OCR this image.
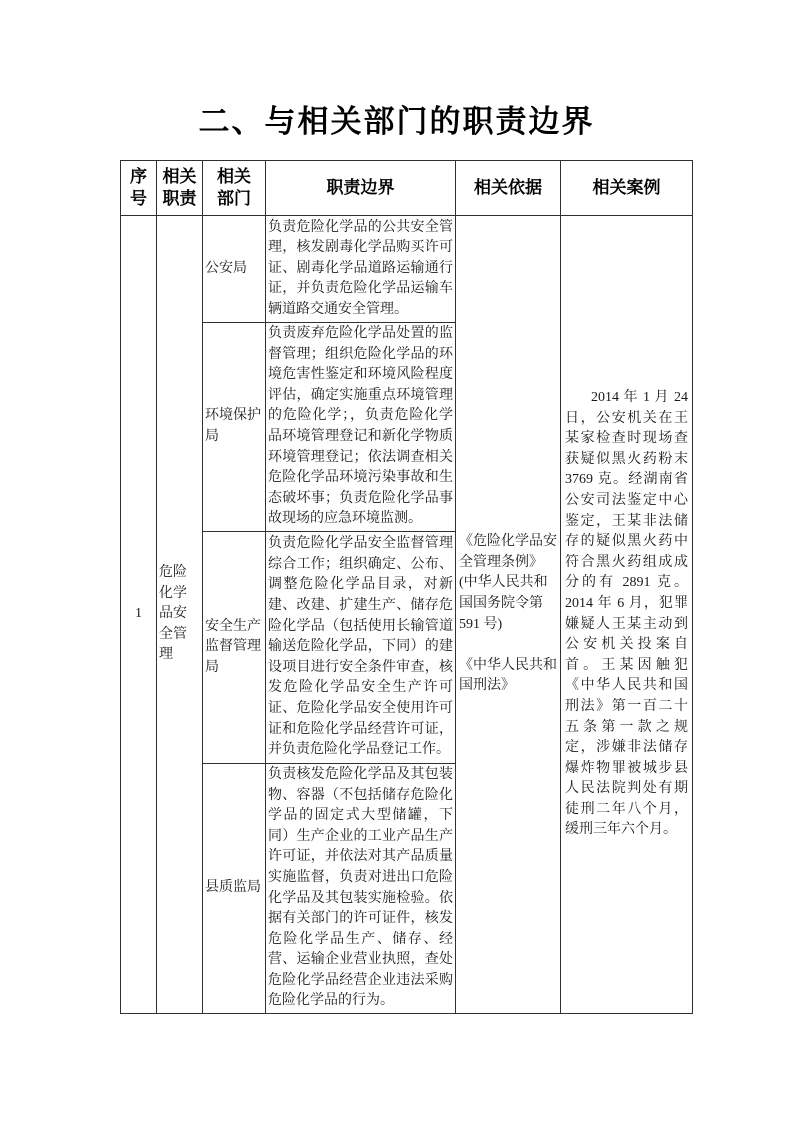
二、与相关部门的职责边界
序号	相关职责	相关部门	职责边界	相关依据	相关案例
1	危险化学品安全管理	公安局	负责危险化学品的公共安全管理，核发剧毒化学品购买许可证、剧毒化学品道路运输通行证，并负责危险化学品运输车辆道路交通安全管理。	《危险化学品安全管理条例》(中华人民共和国国务院令第 591 号)

《中华人民共和国刑法》	2014 年 1 月 24 日，公安机关在王某家检查时现场查获疑似黑火药粉末 3769 克。经湖南省公安司法鉴定中心鉴定，王某非法储存的疑似黑火药中符合黑火药组成成分的有 2891 克。2014 年 6 月，犯罪嫌疑人王某主动到公安机关投案自首。王某因触犯《中华人民共和国刑法》第一百二十五条第一款之规定，涉嫌非法储存爆炸物罪被城步县人民法院判处有期徒刑二年八个月，缓刑三年六个月。

		环境保护局	负责废弃危险化学品处置的监督管理；组织危险化学品的环境危害性鉴定和环境风险程度评估，确定实施重点环境管理的危险化学；，负责危险化学品环境管理登记和新化学物质环境管理登记；依法调查相关危险化学品环境污染事故和生态破坏事；负责危险化学品事故现场的应急环境监测。		
		安全生产监督管理局	负责危险化学品安全监督管理综合工作；组织确定、公布、调整危险化学品目录，对新建、改建、扩建生产、储存危险化学品（包括使用长输管道输送危险化学品，下同）的建设项目进行安全条件审查，核发危险化学品安全生产许可证、危险化学品安全使用许可证和危险化学品经营许可证，并负责危险化学品登记工作。		
		县质监局	负责核发危险化学品及其包装物、容器（不包括储存危险化学品的固定式大型储罐，下同）生产企业的工业产品生产许可证，并依法对其产品质量实施监督，负责对进出口危险化学品及其包装实施检验。依据有关部门的许可证件，核发危险化学品生产、储存、经营、运输企业营业执照，查处危险化学品经营企业违法采购危险化学品的行为。		
